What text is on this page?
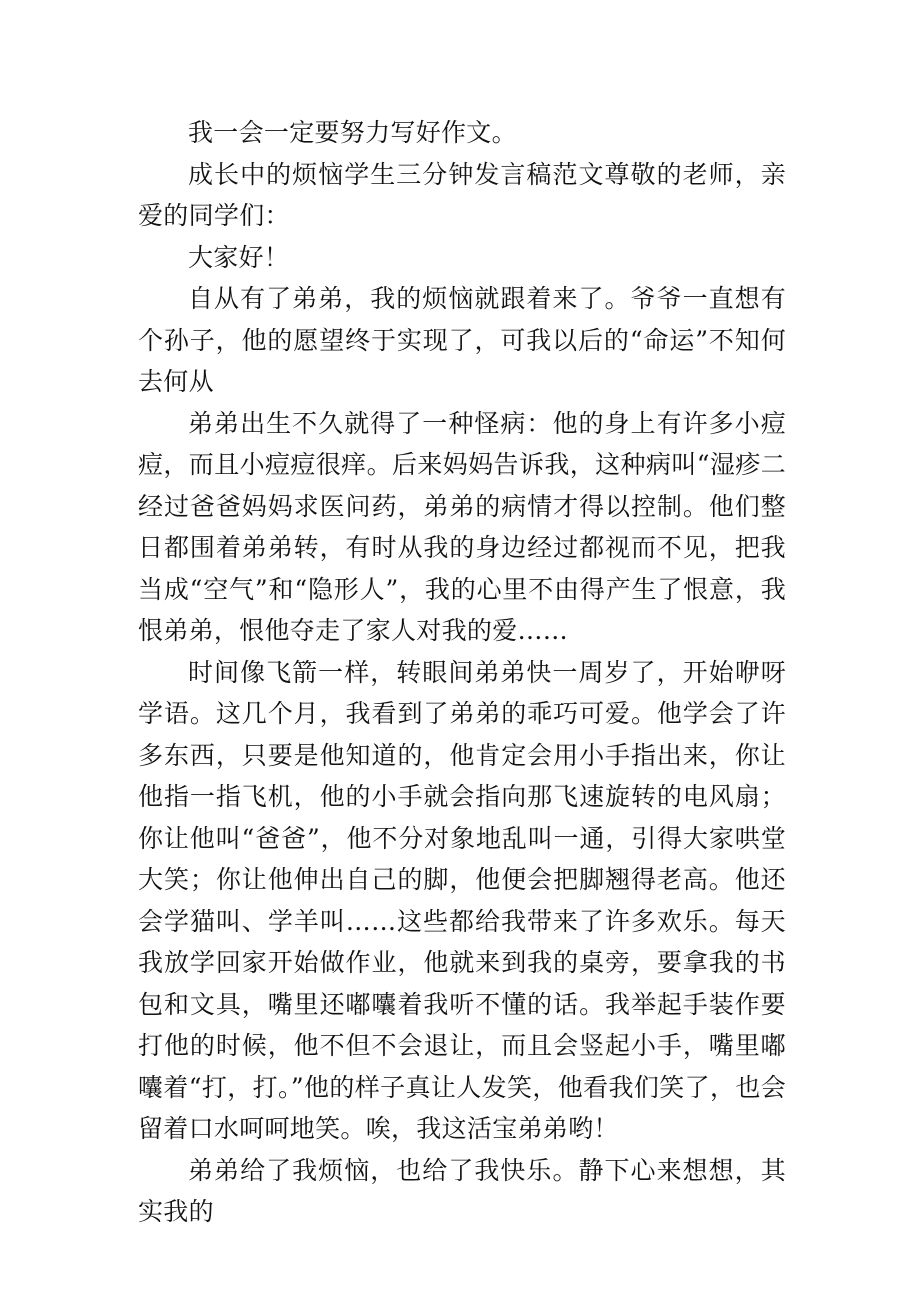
我一会一定要努力写好作文。

成长中的烦恼学生三分钟发言稿范文尊敬的老师，亲爱的同学们：

大家好！

自从有了弟弟，我的烦恼就跟着来了。爷爷一直想有个孙子，他的愿望终于实现了，可我以后的“命运”不知何去何从

弟弟出生不久就得了一种怪病：他的身上有许多小痘痘，而且小痘痘很痒。后来妈妈告诉我，这种病叫“湿疹二经过爸爸妈妈求医问药，弟弟的病情才得以控制。他们整日都围着弟弟转，有时从我的身边经过都视而不见，把我当成“空气”和“隐形人”，我的心里不由得产生了恨意，我恨弟弟，恨他夺走了家人对我的爱……

时间像飞箭一样，转眼间弟弟快一周岁了，开始咿呀学语。这几个月，我看到了弟弟的乖巧可爱。他学会了许多东西，只要是他知道的，他肯定会用小手指出来，你让他指一指飞机，他的小手就会指向那飞速旋转的电风扇；你让他叫“爸爸”，他不分对象地乱叫一通，引得大家哄堂大笑；你让他伸出自己的脚，他便会把脚翘得老高。他还会学猫叫、学羊叫……这些都给我带来了许多欢乐。每天我放学回家开始做作业，他就来到我的桌旁，要拿我的书包和文具，嘴里还嘟囔着我听不懂的话。我举起手装作要打他的时候，他不但不会退让，而且会竖起小手，嘴里嘟囔着“打，打。”他的样子真让人发笑，他看我们笑了，也会留着口水呵呵地笑。唉，我这活宝弟弟哟！

弟弟给了我烦恼，也给了我快乐。静下心来想想，其实我的
